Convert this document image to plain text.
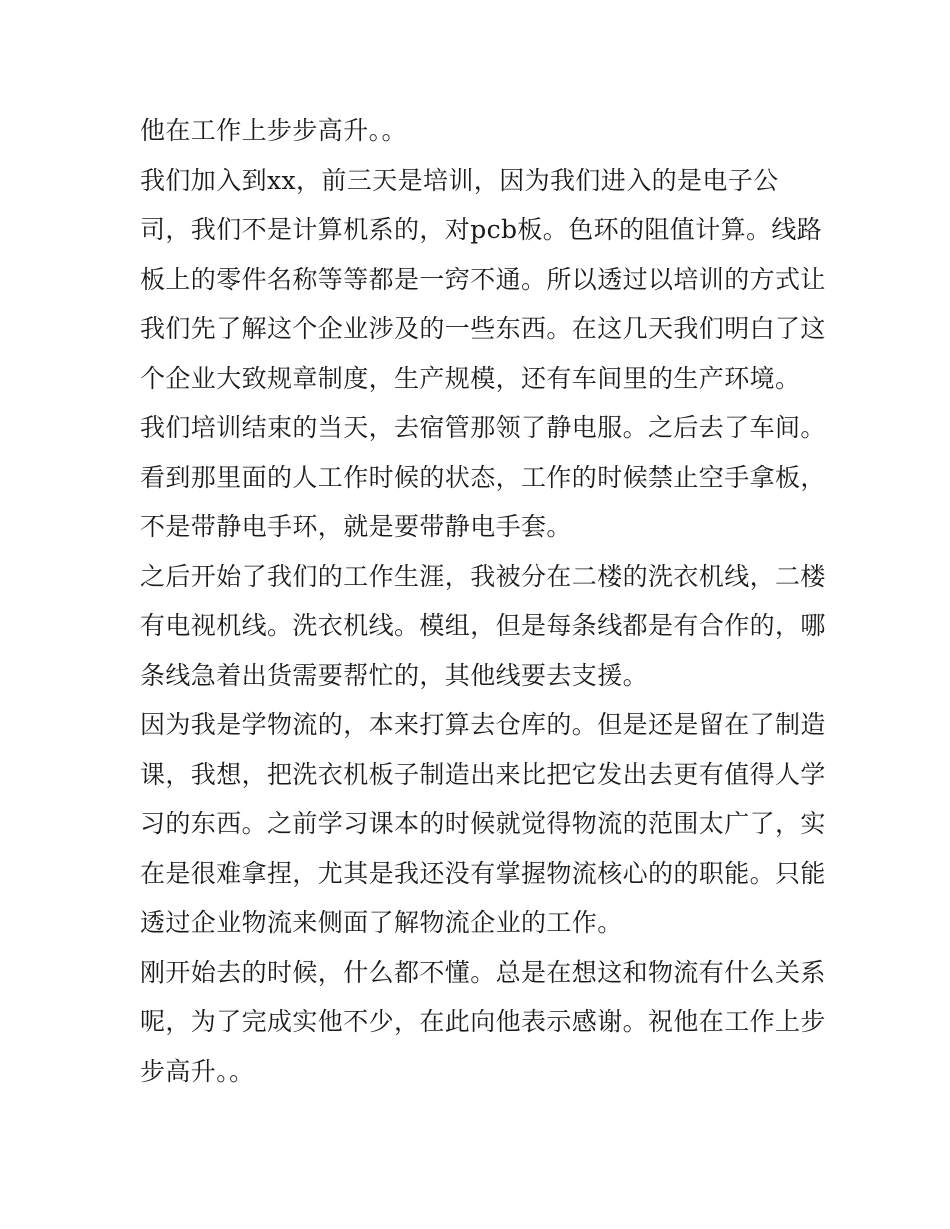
他在工作上步步高升。。
我们加入到xx，前三天是培训，因为我们进入的是电子公
司，我们不是计算机系的，对pcb板。色环的阻值计算。线路
板上的零件名称等等都是一窍不通。所以透过以培训的方式让
我们先了解这个企业涉及的一些东西。在这几天我们明白了这
个企业大致规章制度，生产规模，还有车间里的生产环境。
我们培训结束的当天，去宿管那领了静电服。之后去了车间。
看到那里面的人工作时候的状态，工作的时候禁止空手拿板，
不是带静电手环，就是要带静电手套。
之后开始了我们的工作生涯，我被分在二楼的洗衣机线，二楼
有电视机线。洗衣机线。模组，但是每条线都是有合作的，哪
条线急着出货需要帮忙的，其他线要去支援。
因为我是学物流的，本来打算去仓库的。但是还是留在了制造
课，我想，把洗衣机板子制造出来比把它发出去更有值得人学
习的东西。之前学习课本的时候就觉得物流的范围太广了，实
在是很难拿捏，尤其是我还没有掌握物流核心的的职能。只能
透过企业物流来侧面了解物流企业的工作。
刚开始去的时候，什么都不懂。总是在想这和物流有什么关系
呢，为了完成实他不少，在此向他表示感谢。祝他在工作上步
步高升。。
